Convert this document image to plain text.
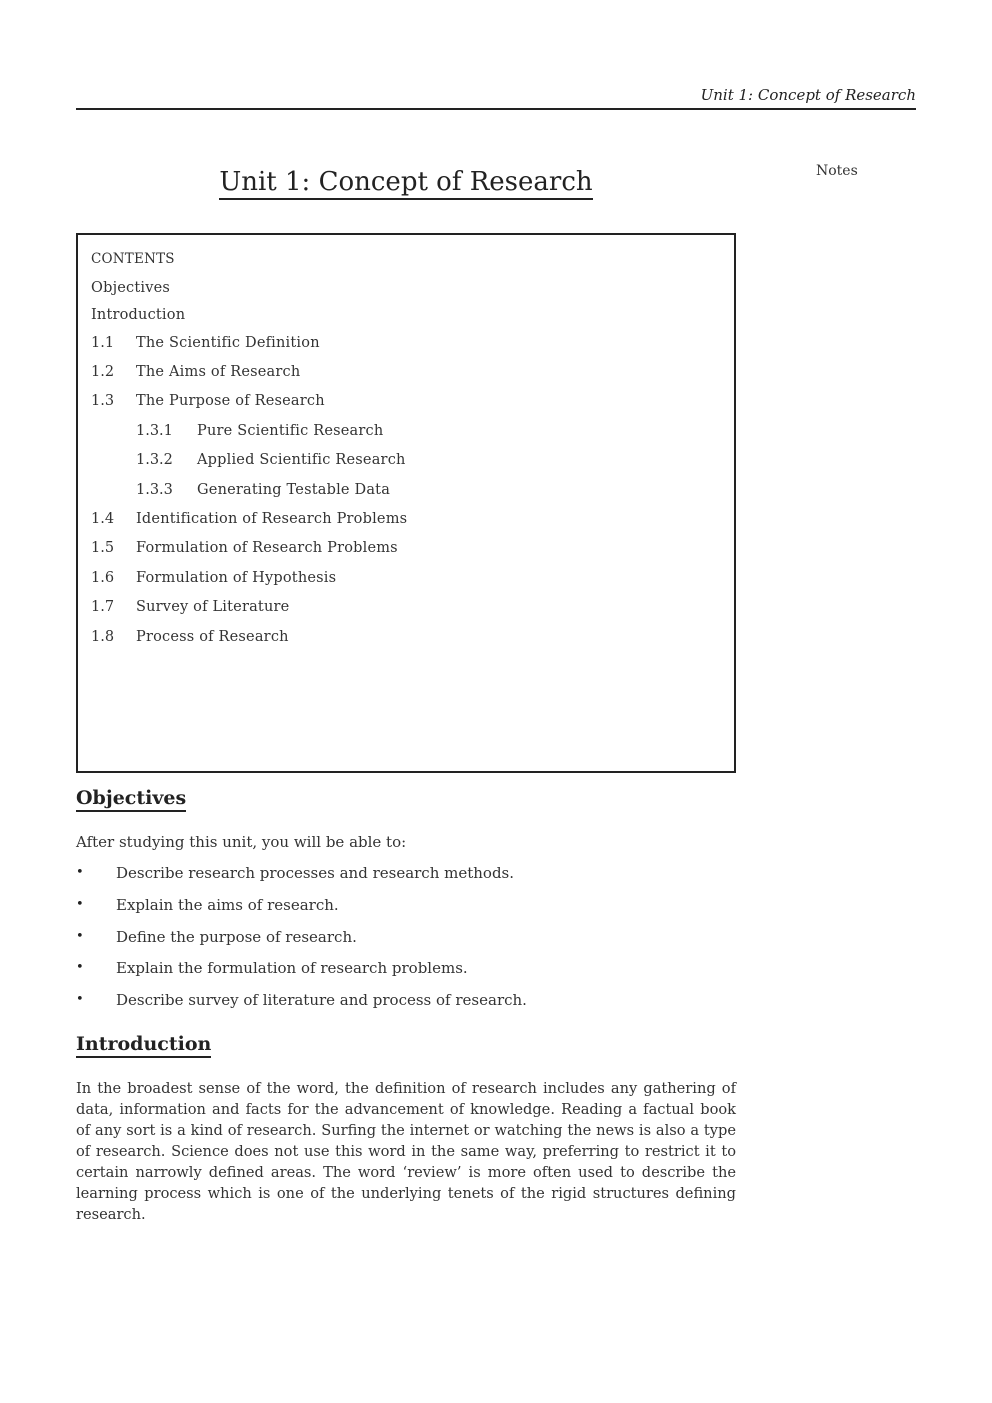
Unit 1: Concept of Research
Notes
Unit 1: Concept of Research
CONTENTS
Objectives
Introduction
1.1 The Scientific Definition
1.2 The Aims of Research
1.3 The Purpose of Research
1.3.1 Pure Scientific Research
1.3.2 Applied Scientific Research
1.3.3 Generating Testable Data
1.4 Identification of Research Problems
1.5 Formulation of Research Problems
1.6 Formulation of Hypothesis
1.7 Survey of Literature
1.8 Process of Research
Objectives
After studying this unit, you will be able to:
• Describe research processes and research methods.
• Explain the aims of research.
• Define the purpose of research.
• Explain the formulation of research problems.
• Describe survey of literature and process of research.
Introduction
In the broadest sense of the word, the definition of research includes any gathering of data, information and facts for the advancement of knowledge. Reading a factual book of any sort is a kind of research. Surfing the internet or watching the news is also a type of research. Science does not use this word in the same way, preferring to restrict it to certain narrowly defined areas. The word ‘review’ is more often used to describe the learning process which is one of the underlying tenets of the rigid structures defining research.
